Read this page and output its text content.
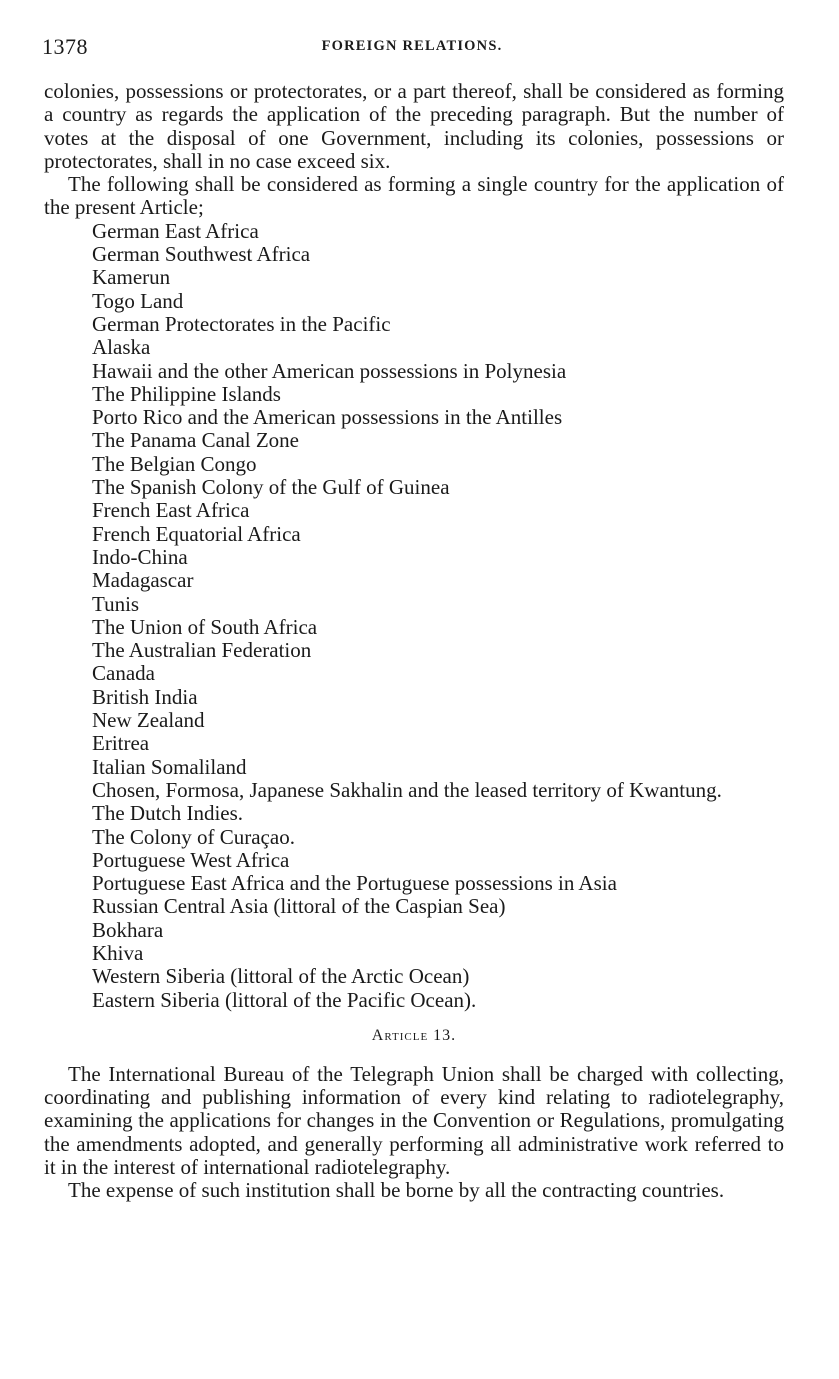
1378	FOREIGN RELATIONS.

colonies, possessions or protectorates, or a part thereof, shall be considered as forming a country as regards the application of the preceding paragraph. But the number of votes at the disposal of one Government, including its colonies, possessions or protectorates, shall in no case exceed six.

The following shall be considered as forming a single country for the application of the present Article;

German East Africa
German Southwest Africa
Kamerun
Togo Land
German Protectorates in the Pacific
Alaska
Hawaii and the other American possessions in Polynesia
The Philippine Islands
Porto Rico and the American possessions in the Antilles
The Panama Canal Zone
The Belgian Congo
The Spanish Colony of the Gulf of Guinea
French East Africa
French Equatorial Africa
Indo-China
Madagascar
Tunis
The Union of South Africa
The Australian Federation
Canada
British India
New Zealand
Eritrea
Italian Somaliland
Chosen, Formosa, Japanese Sakhalin and the leased territory of Kwantung.
The Dutch Indies.
The Colony of Curaçao.
Portuguese West Africa
Portuguese East Africa and the Portuguese possessions in Asia
Russian Central Asia (littoral of the Caspian Sea)
Bokhara
Khiva
Western Siberia (littoral of the Arctic Ocean)
Eastern Siberia (littoral of the Pacific Ocean).
Article 13.

The International Bureau of the Telegraph Union shall be charged with collecting, coordinating and publishing information of every kind relating to radiotelegraphy, examining the applications for changes in the Convention or Regulations, promulgating the amendments adopted, and generally performing all administrative work referred to it in the interest of international radiotelegraphy.

The expense of such institution shall be borne by all the contracting countries.
